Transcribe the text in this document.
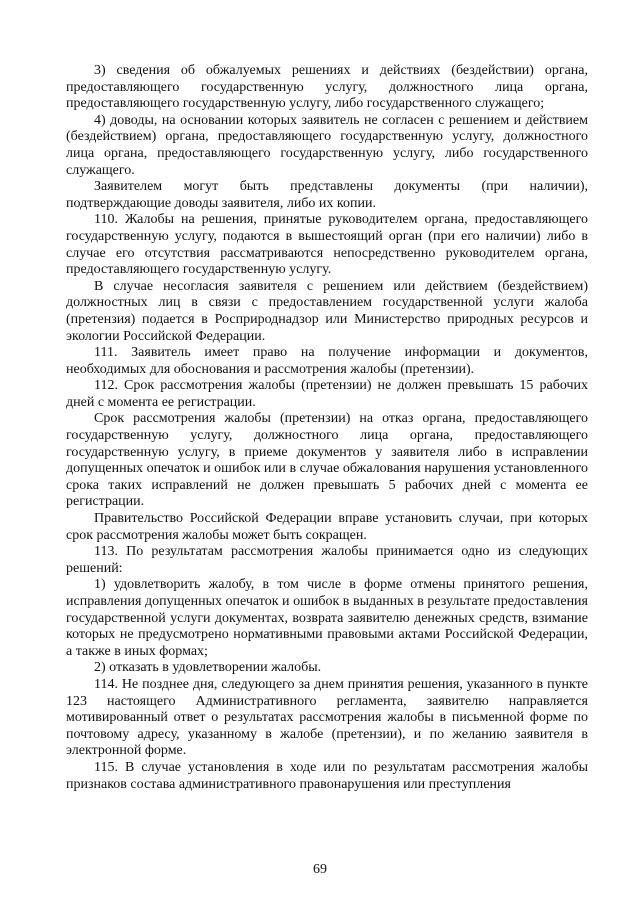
3) сведения об обжалуемых решениях и действиях (бездействии) органа, предоставляющего государственную услугу, должностного лица органа, предоставляющего государственную услугу, либо государственного служащего;

4) доводы, на основании которых заявитель не согласен с решением и действием (бездействием) органа, предоставляющего государственную услугу, должностного лица органа, предоставляющего государственную услугу, либо государственного служащего.

Заявителем могут быть представлены документы (при наличии), подтверждающие доводы заявителя, либо их копии.

110. Жалобы на решения, принятые руководителем органа, предоставляющего государственную услугу, подаются в вышестоящий орган (при его наличии) либо в случае его отсутствия рассматриваются непосредственно руководителем органа, предоставляющего государственную услугу.

В случае несогласия заявителя с решением или действием (бездействием) должностных лиц в связи с предоставлением государственной услуги жалоба (претензия) подается в Росприроднадзор или Министерство природных ресурсов и экологии Российской Федерации.

111. Заявитель имеет право на получение информации и документов, необходимых для обоснования и рассмотрения жалобы (претензии).

112. Срок рассмотрения жалобы (претензии) не должен превышать 15 рабочих дней с момента ее регистрации.

Срок рассмотрения жалобы (претензии) на отказ органа, предоставляющего государственную услугу, должностного лица органа, предоставляющего государственную услугу, в приеме документов у заявителя либо в исправлении допущенных опечаток и ошибок или в случае обжалования нарушения установленного срока таких исправлений не должен превышать 5 рабочих дней с момента ее регистрации.

Правительство Российской Федерации вправе установить случаи, при которых срок рассмотрения жалобы может быть сокращен.

113. По результатам рассмотрения жалобы принимается одно из следующих решений:

1) удовлетворить жалобу, в том числе в форме отмены принятого решения, исправления допущенных опечаток и ошибок в выданных в результате предоставления государственной услуги документах, возврата заявителю денежных средств, взимание которых не предусмотрено нормативными правовыми актами Российской Федерации, а также в иных формах;

2) отказать в удовлетворении жалобы.

114. Не позднее дня, следующего за днем принятия решения, указанного в пункте 123 настоящего Административного регламента, заявителю направляется мотивированный ответ о результатах рассмотрения жалобы в письменной форме по почтовому адресу, указанному в жалобе (претензии), и по желанию заявителя в электронной форме.

115. В случае установления в ходе или по результатам рассмотрения жалобы признаков состава административного правонарушения или преступления

69
